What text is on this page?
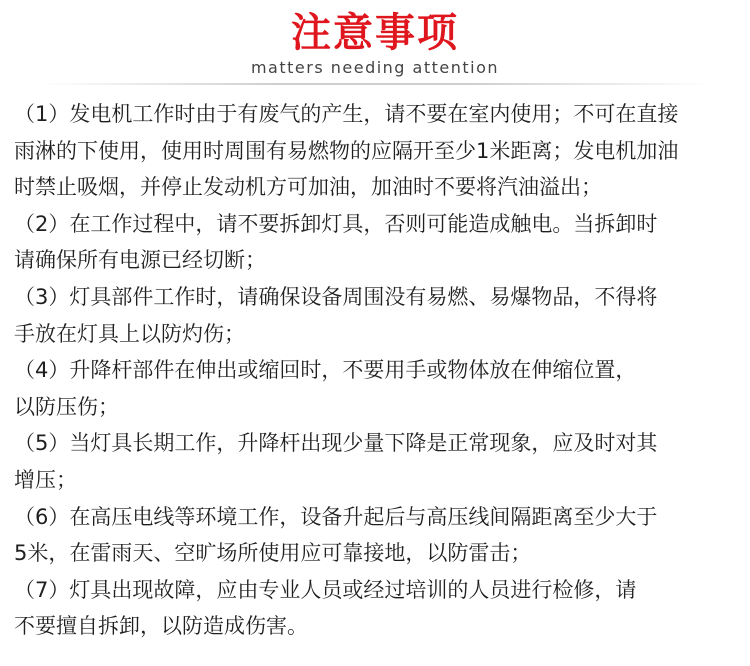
注意事项
matters needing attention
（1）发电机工作时由于有废气的产生，请不要在室内使用；不可在直接
雨淋的下使用，使用时周围有易燃物的应隔开至少1米距离；发电机加油
时禁止吸烟，并停止发动机方可加油，加油时不要将汽油溢出；
（2）在工作过程中，请不要拆卸灯具，否则可能造成触电。当拆卸时
请确保所有电源已经切断；
（3）灯具部件工作时，请确保设备周围没有易燃、易爆物品，不得将
手放在灯具上以防灼伤；
（4）升降杆部件在伸出或缩回时，不要用手或物体放在伸缩位置，
以防压伤；
（5）当灯具长期工作，升降杆出现少量下降是正常现象，应及时对其
增压；
（6）在高压电线等环境工作，设备升起后与高压线间隔距离至少大于
5米，在雷雨天、空旷场所使用应可靠接地，以防雷击；
（7）灯具出现故障，应由专业人员或经过培训的人员进行检修，请
不要擅自拆卸，以防造成伤害。
